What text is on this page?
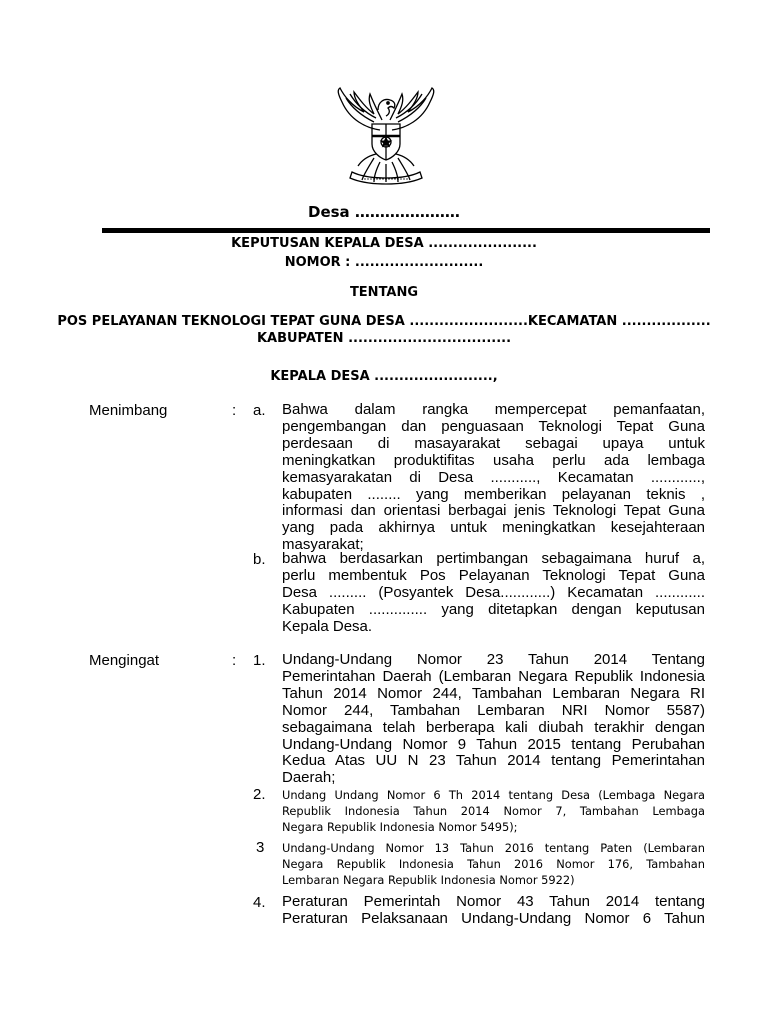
Desa …………………
KEPUTUSAN KEPALA DESA ......................
NOMOR : ..........................
TENTANG
POS PELAYANAN TEKNOLOGI TEPAT GUNA DESA ........................KECAMATAN ..................
KABUPATEN .................................
KEPALA DESA ........................,
Menimbang	: a. Bahwa dalam rangka mempercepat pemanfaatan,
pengembangan dan penguasaan Teknologi Tepat Guna
perdesaan di masayarakat sebagai upaya untuk
meningkatkan produktifitas usaha perlu ada lembaga
kemasyarakatan di Desa ..........., Kecamatan ............,
kabupaten ........ yang memberikan pelayanan teknis ,
informasi dan orientasi berbagai jenis Teknologi Tepat Guna
yang pada akhirnya untuk meningkatkan kesejahteraan
masyarakat;
b. bahwa berdasarkan pertimbangan sebagaimana huruf a,
perlu membentuk Pos Pelayanan Teknologi Tepat Guna
Desa ......... (Posyantek Desa............) Kecamatan ............
Kabupaten .............. yang ditetapkan dengan keputusan
Kepala Desa.
Mengingat	: 1. Undang-Undang Nomor 23 Tahun 2014 Tentang
Pemerintahan Daerah (Lembaran Negara Republik Indonesia
Tahun 2014 Nomor 244, Tambahan Lembaran Negara RI
Nomor 244, Tambahan Lembaran NRI Nomor 5587)
sebagaimana telah berberapa kali diubah terakhir dengan
Undang-Undang Nomor 9 Tahun 2015 tentang Perubahan
Kedua Atas UU N 23 Tahun 2014 tentang Pemerintahan
Daerah;
2. Undang Undang Nomor 6 Th 2014 tentang Desa (Lembaga Negara
Republik Indonesia Tahun 2014 Nomor 7, Tambahan Lembaga
Negara Republik Indonesia Nomor 5495);
3 Undang-Undang Nomor 13 Tahun 2016 tentang Paten (Lembaran
Negara Republik Indonesia Tahun 2016 Nomor 176, Tambahan
Lembaran Negara Republik Indonesia Nomor 5922)
4. Peraturan Pemerintah Nomor 43 Tahun 2014 tentang
Peraturan Pelaksanaan Undang-Undang Nomor 6 Tahun
